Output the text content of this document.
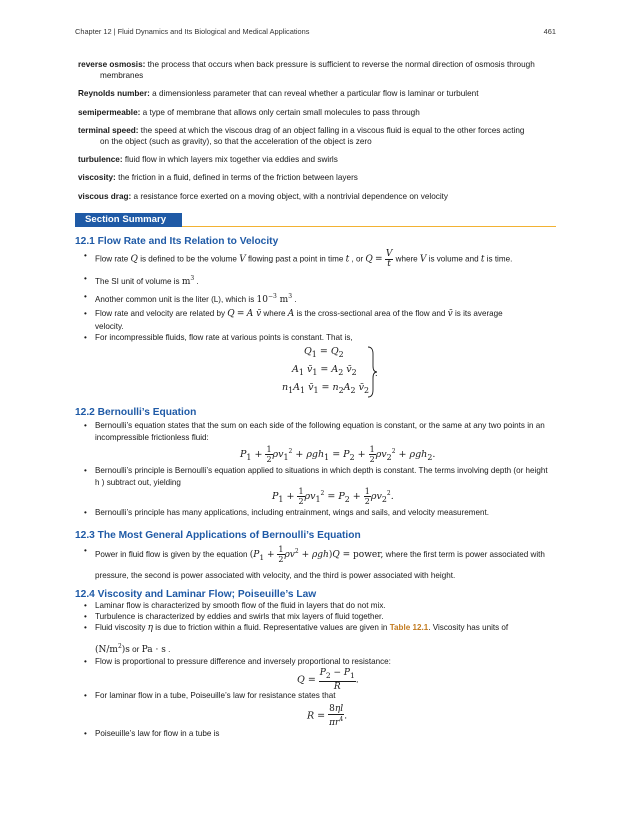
Chapter 12 | Fluid Dynamics and Its Biological and Medical Applications	461
reverse osmosis: the process that occurs when back pressure is sufficient to reverse the normal direction of osmosis through
membranes
Reynolds number: a dimensionless parameter that can reveal whether a particular flow is laminar or turbulent
semipermeable: a type of membrane that allows only certain small molecules to pass through
terminal speed: the speed at which the viscous drag of an object falling in a viscous fluid is equal to the other forces acting
on the object (such as gravity), so that the acceleration of the object is zero
turbulence: fluid flow in which layers mix together via eddies and swirls
viscosity: the friction in a fluid, defined in terms of the friction between layers
viscous drag: a resistance force exerted on a moving object, with a nontrivial dependence on velocity
Section Summary
12.1 Flow Rate and Its Relation to Velocity
•	Flow rate Q is defined to be the volume V flowing past a point in time t , or $Q = \frac{V}{t}$ where V is volume and t is time.
•	The SI unit of volume is $m^3$ .
•	Another common unit is the liter (L), which is $10^{-3}$ $m^3$ .
•	Flow rate and velocity are related by Q = A v̄ where A is the cross-sectional area of the flow and v̄ is its average
velocity.
•	For incompressible fluids, flow rate at various points is constant. That is,
$Q_1 = Q_2$
$A_1$ $v̄_1 = A_2$ $v̄_2$
$n_1A_1$ $v̄_1 = n_2A_2$ $v̄_2$
.
12.2 Bernoulli’s Equation
•	Bernoulli’s equation states that the sum on each side of the following equation is constant, or the same at any two points in an incompressible frictionless fluid:
$P_1 + \frac{1}{2} \rho v_1^2 + \rho gh_1 = P_2 + \frac{1}{2} \rho v_2^2 + \rho gh_2$.
•	Bernoulli’s principle is Bernoulli’s equation applied to situations in which depth is constant. The terms involving depth (or height h ) subtract out, yielding
$P_1 + \frac{1}{2} \rho v_1^2 = P_2 + \frac{1}{2} \rho v_2^2$.
•	Bernoulli’s principle has many applications, including entrainment, wings and sails, and velocity measurement.
12.3 The Most General Applications of Bernoulli’s Equation
•	Power in fluid flow is given by the equation $(P_1 + \frac{1}{2} \rho v^2 + \rho gh)Q$ = power, where the first term is power associated with
pressure, the second is power associated with velocity, and the third is power associated with height.
12.4 Viscosity and Laminar Flow; Poiseuille’s Law
•	Laminar flow is characterized by smooth flow of the fluid in layers that do not mix.
•	Turbulence is characterized by eddies and swirls that mix layers of fluid together.
•	Fluid viscosity η is due to friction within a fluid. Representative values are given in Table 12.1. Viscosity has units of
$(N/m^2)s$ or Pa · s .
•	Flow is proportional to pressure difference and inversely proportional to resistance:
$Q = \frac{P_2 - P_1}{R}$ .
•	For laminar flow in a tube, Poiseuille’s law for resistance states that
$R = \frac{8\eta l}{\pi r^4}$ .
•	Poiseuille’s law for flow in a tube is
